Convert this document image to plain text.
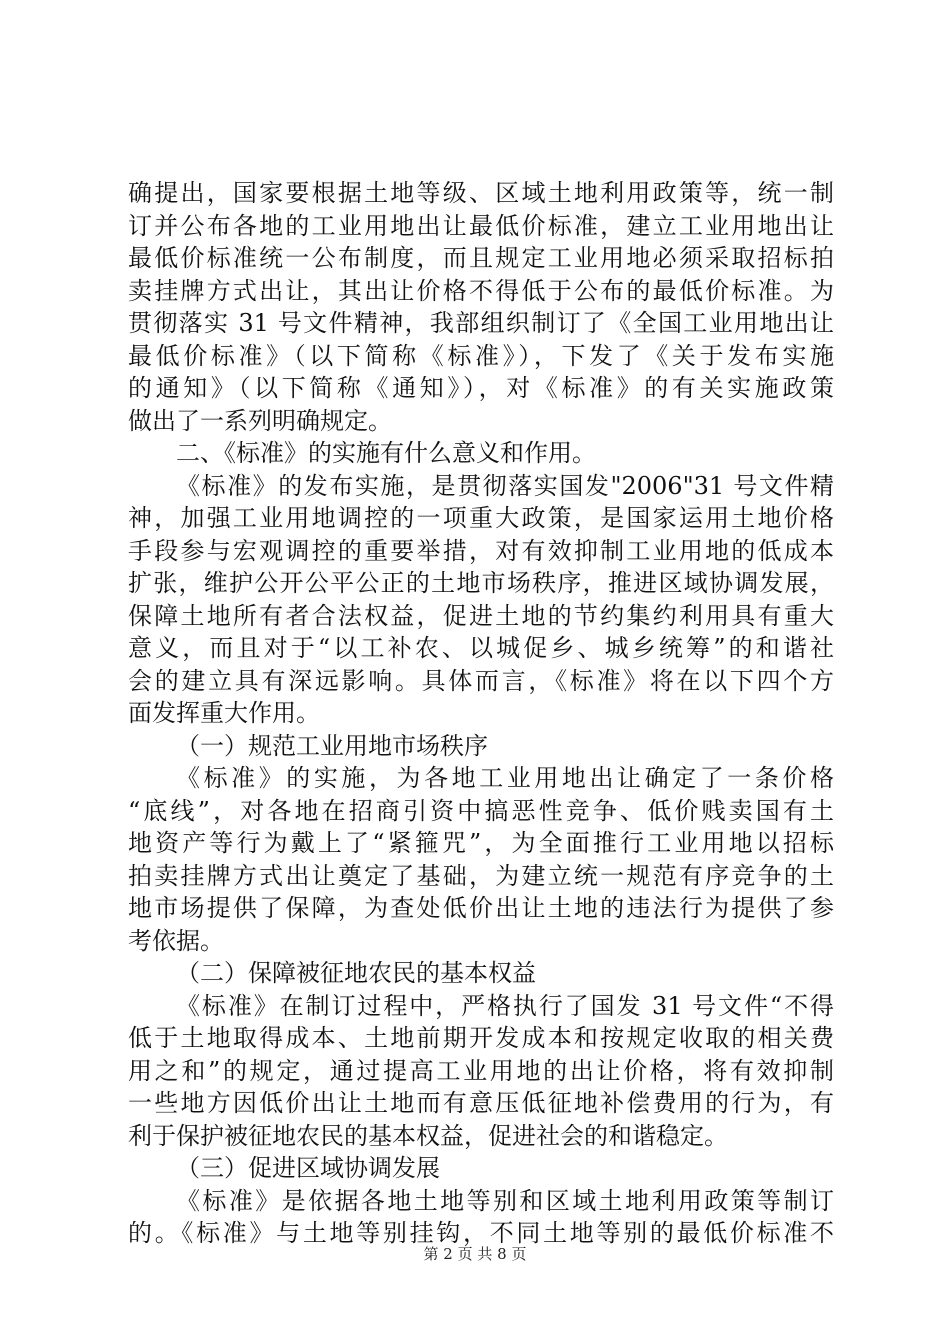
确提出，国家要根据土地等级、区域土地利用政策等，统一制
订并公布各地的工业用地出让最低价标准，建立工业用地出让
最低价标准统一公布制度，而且规定工业用地必须采取招标拍
卖挂牌方式出让，其出让价格不得低于公布的最低价标准。为
贯彻落实 31 号文件精神，我部组织制订了《全国工业用地出让
最低价标准》（以下简称《标准》），下发了《关于发布实施
的通知》（以下简称《通知》），对《标准》的有关实施政策
做出了一系列明确规定。
二、《标准》的实施有什么意义和作用。
《标准》的发布实施，是贯彻落实国发"2006"31 号文件精
神，加强工业用地调控的一项重大政策，是国家运用土地价格
手段参与宏观调控的重要举措，对有效抑制工业用地的低成本
扩张，维护公开公平公正的土地市场秩序，推进区域协调发展，
保障土地所有者合法权益，促进土地的节约集约利用具有重大
意义，而且对于“以工补农、以城促乡、城乡统筹”的和谐社
会的建立具有深远影响。具体而言，《标准》将在以下四个方
面发挥重大作用。
（一）规范工业用地市场秩序
《标准》的实施，为各地工业用地出让确定了一条价格
“底线”，对各地在招商引资中搞恶性竞争、低价贱卖国有土
地资产等行为戴上了“紧箍咒”，为全面推行工业用地以招标
拍卖挂牌方式出让奠定了基础，为建立统一规范有序竞争的土
地市场提供了保障，为查处低价出让土地的违法行为提供了参
考依据。
（二）保障被征地农民的基本权益
《标准》在制订过程中，严格执行了国发 31 号文件“不得
低于土地取得成本、土地前期开发成本和按规定收取的相关费
用之和”的规定，通过提高工业用地的出让价格，将有效抑制
一些地方因低价出让土地而有意压低征地补偿费用的行为，有
利于保护被征地农民的基本权益，促进社会的和谐稳定。
（三）促进区域协调发展
《标准》是依据各地土地等别和区域土地利用政策等制订
的。《标准》与土地等别挂钩，不同土地等别的最低价标准不
第 2 页 共 8 页
